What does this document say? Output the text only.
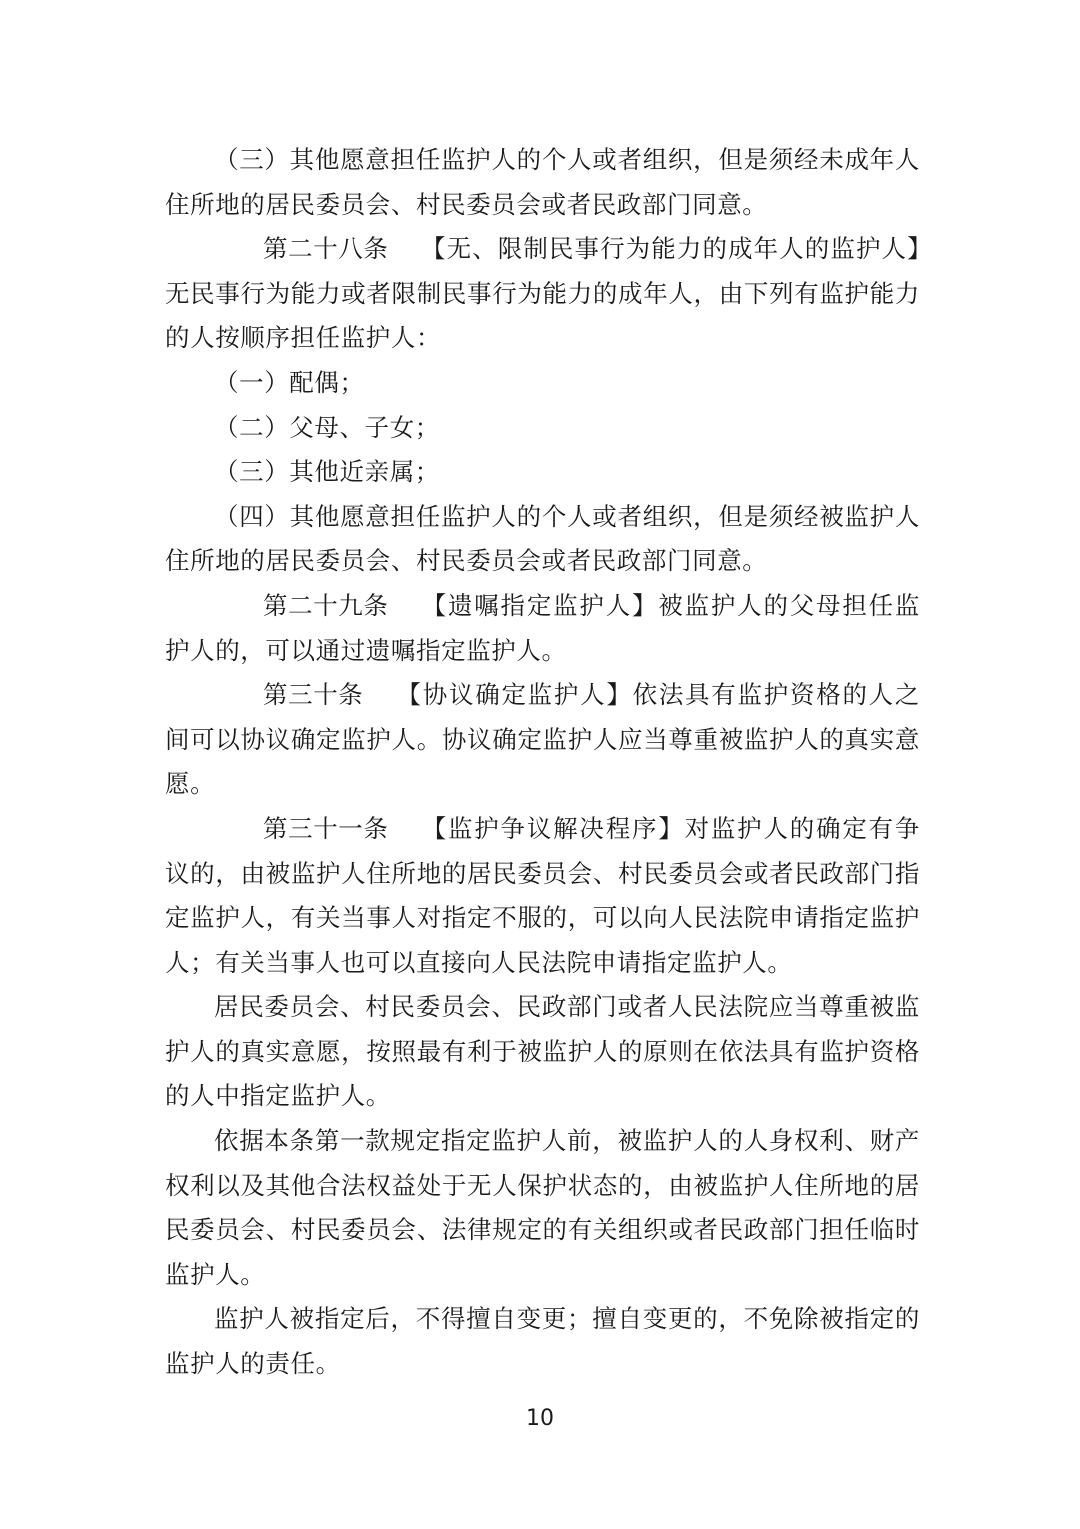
（三）其他愿意担任监护人的个人或者组织，但是须经未成年人住所地的居民委员会、村民委员会或者民政部门同意。

第二十八条 【无、限制民事行为能力的成年人的监护人】无民事行为能力或者限制民事行为能力的成年人，由下列有监护能力的人按顺序担任监护人：

（一）配偶；

（二）父母、子女；

（三）其他近亲属；

（四）其他愿意担任监护人的个人或者组织，但是须经被监护人住所地的居民委员会、村民委员会或者民政部门同意。

第二十九条 【遗嘱指定监护人】被监护人的父母担任监护人的，可以通过遗嘱指定监护人。

第三十条 【协议确定监护人】依法具有监护资格的人之间可以协议确定监护人。协议确定监护人应当尊重被监护人的真实意愿。

第三十一条 【监护争议解决程序】对监护人的确定有争议的，由被监护人住所地的居民委员会、村民委员会或者民政部门指定监护人，有关当事人对指定不服的，可以向人民法院申请指定监护人；有关当事人也可以直接向人民法院申请指定监护人。

居民委员会、村民委员会、民政部门或者人民法院应当尊重被监护人的真实意愿，按照最有利于被监护人的原则在依法具有监护资格的人中指定监护人。

依据本条第一款规定指定监护人前，被监护人的人身权利、财产权利以及其他合法权益处于无人保护状态的，由被监护人住所地的居民委员会、村民委员会、法律规定的有关组织或者民政部门担任临时监护人。

监护人被指定后，不得擅自变更；擅自变更的，不免除被指定的监护人的责任。

10
